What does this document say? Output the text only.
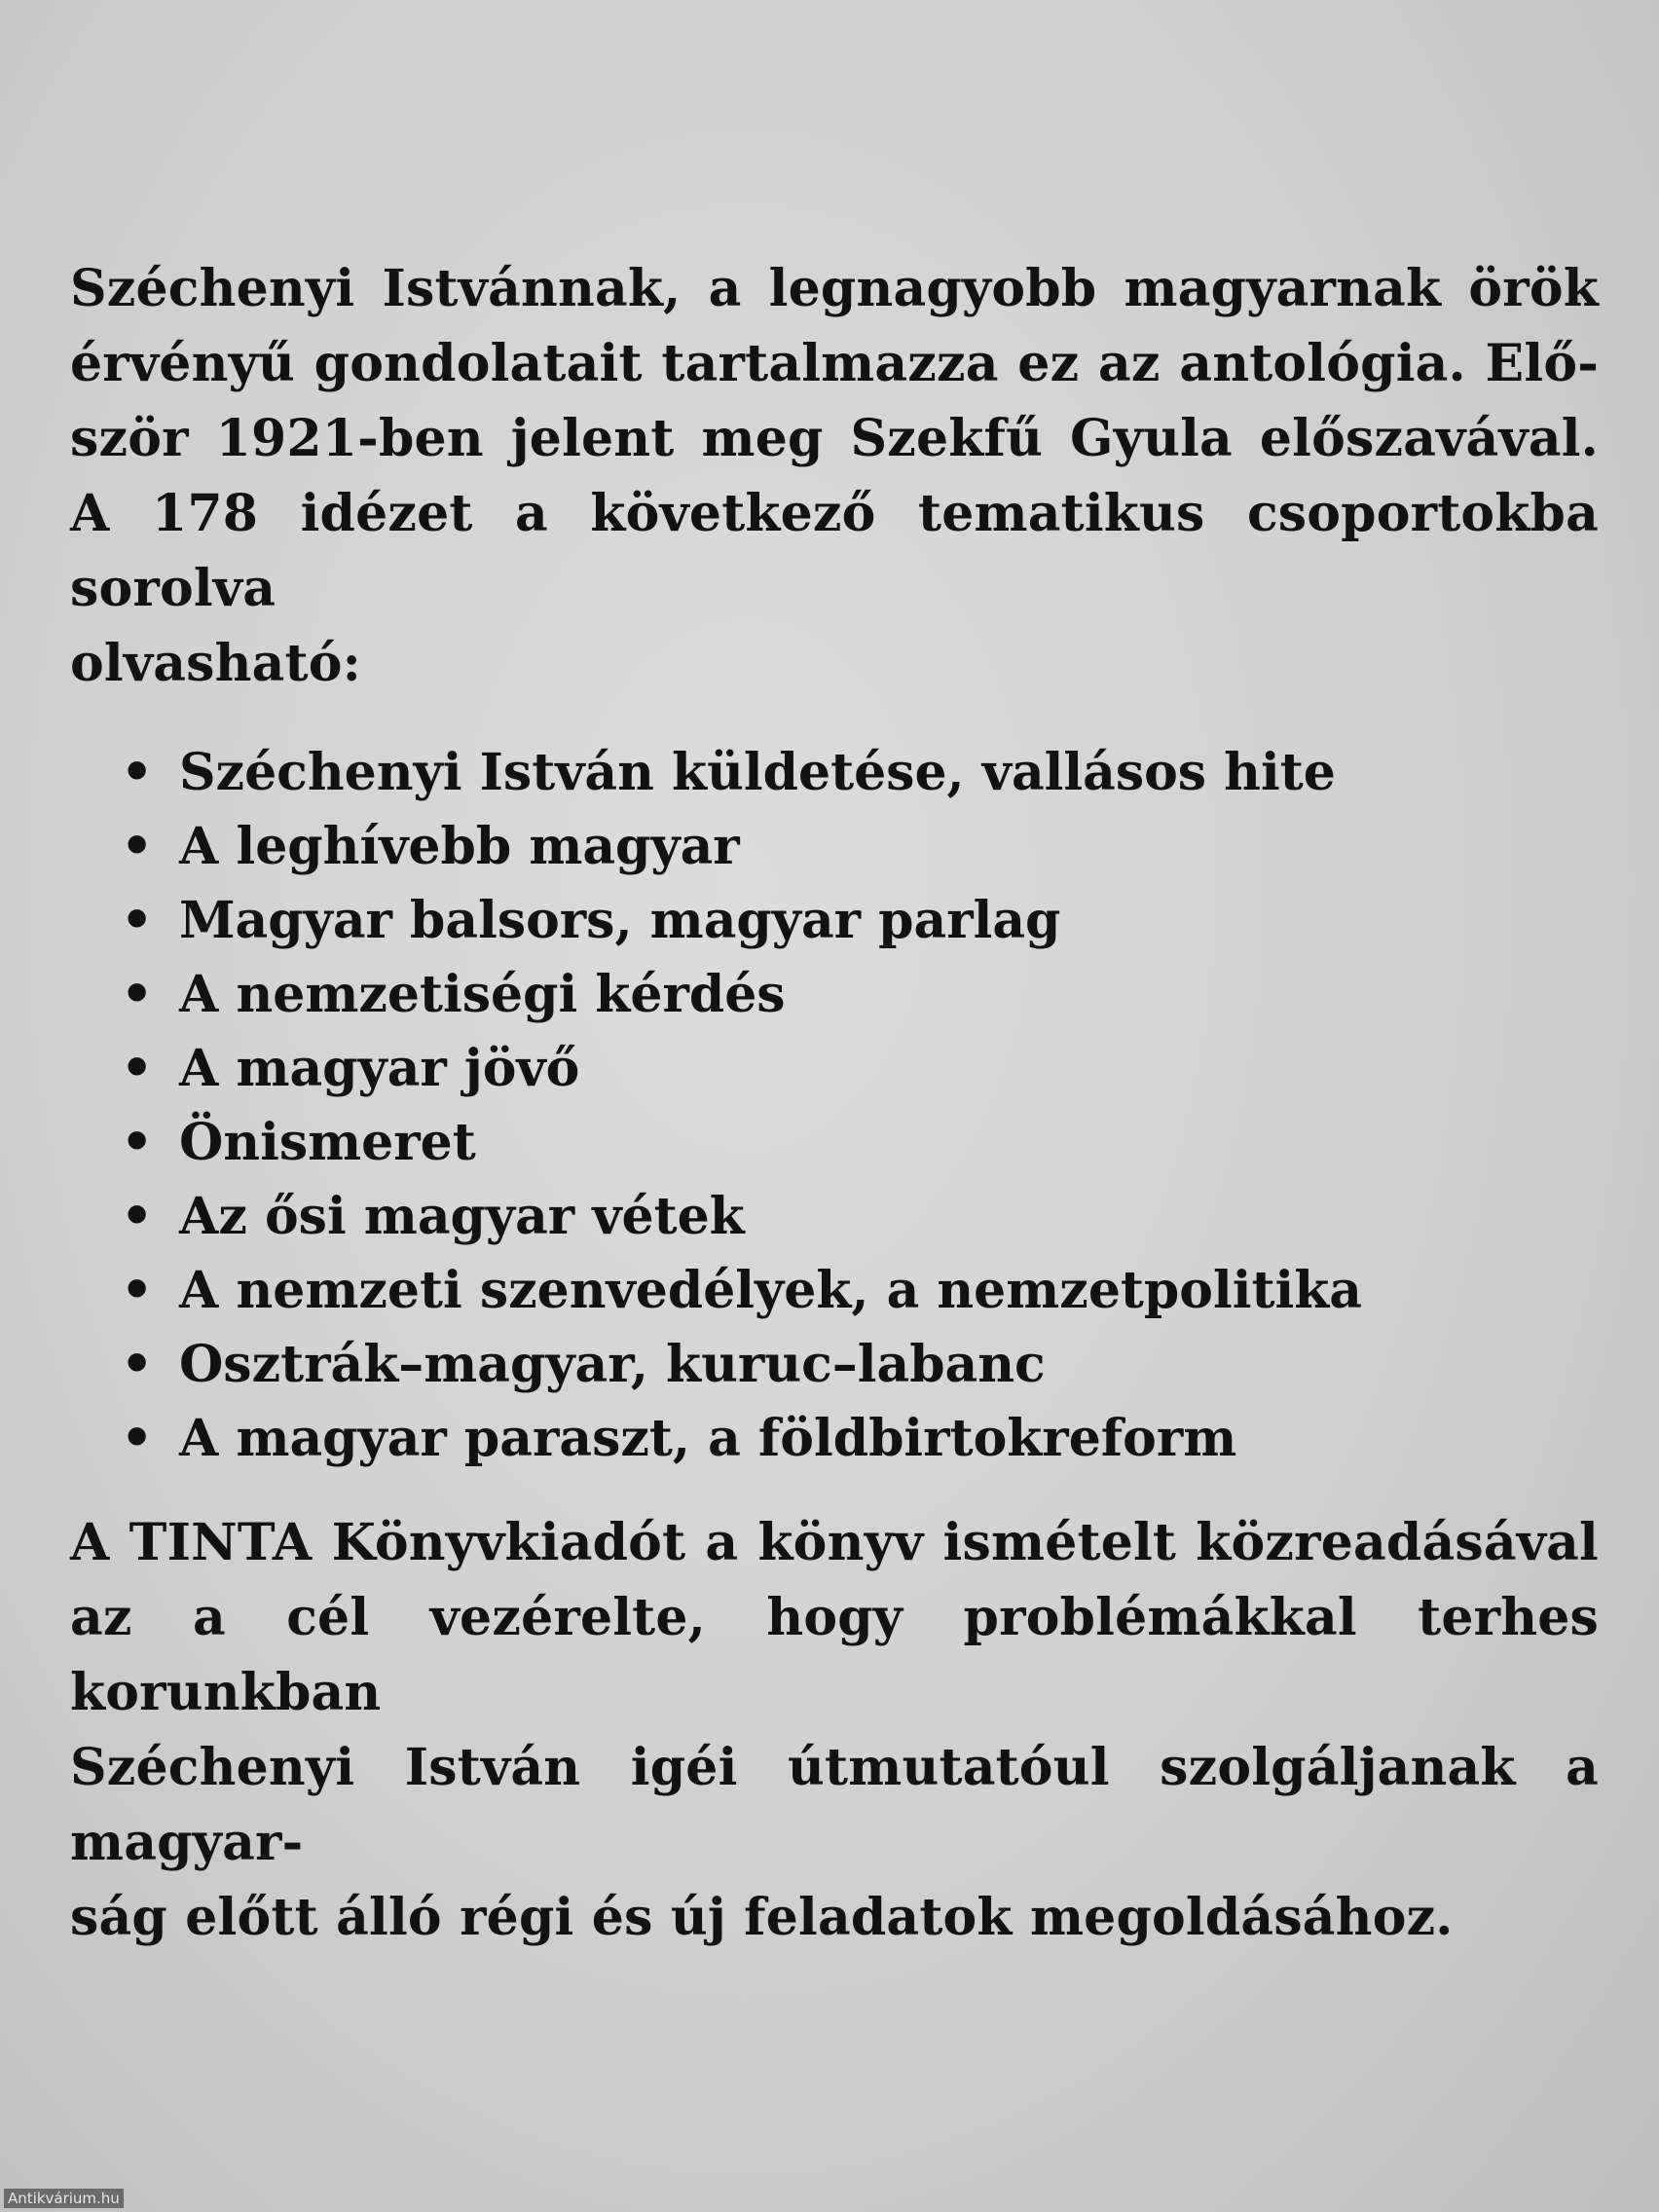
Széchenyi Istvánnak, a legnagyobb magyarnak örök
érvényű gondolatait tartalmazza ez az antológia. Elő-
ször 1921-ben jelent meg Szekfű Gyula előszavával.
A 178 idézet a következő tematikus csoportokba sorolva
olvasható:

• Széchenyi István küldetése, vallásos hite
• A leghívebb magyar
• Magyar balsors, magyar parlag
• A nemzetiségi kérdés
• A magyar jövő
• Önismeret
• Az ősi magyar vétek
• A nemzeti szenvedélyek, a nemzetpolitika
• Osztrák–magyar, kuruc–labanc
• A magyar paraszt, a földbirtokreform

A TINTA Könyvkiadót a könyv ismételt közreadásával
az a cél vezérelte, hogy problémákkal terhes korunkban
Széchenyi István igéi útmutatóul szolgáljanak a magyar-
ság előtt álló régi és új feladatok megoldásához.

Antikvárium.hu
